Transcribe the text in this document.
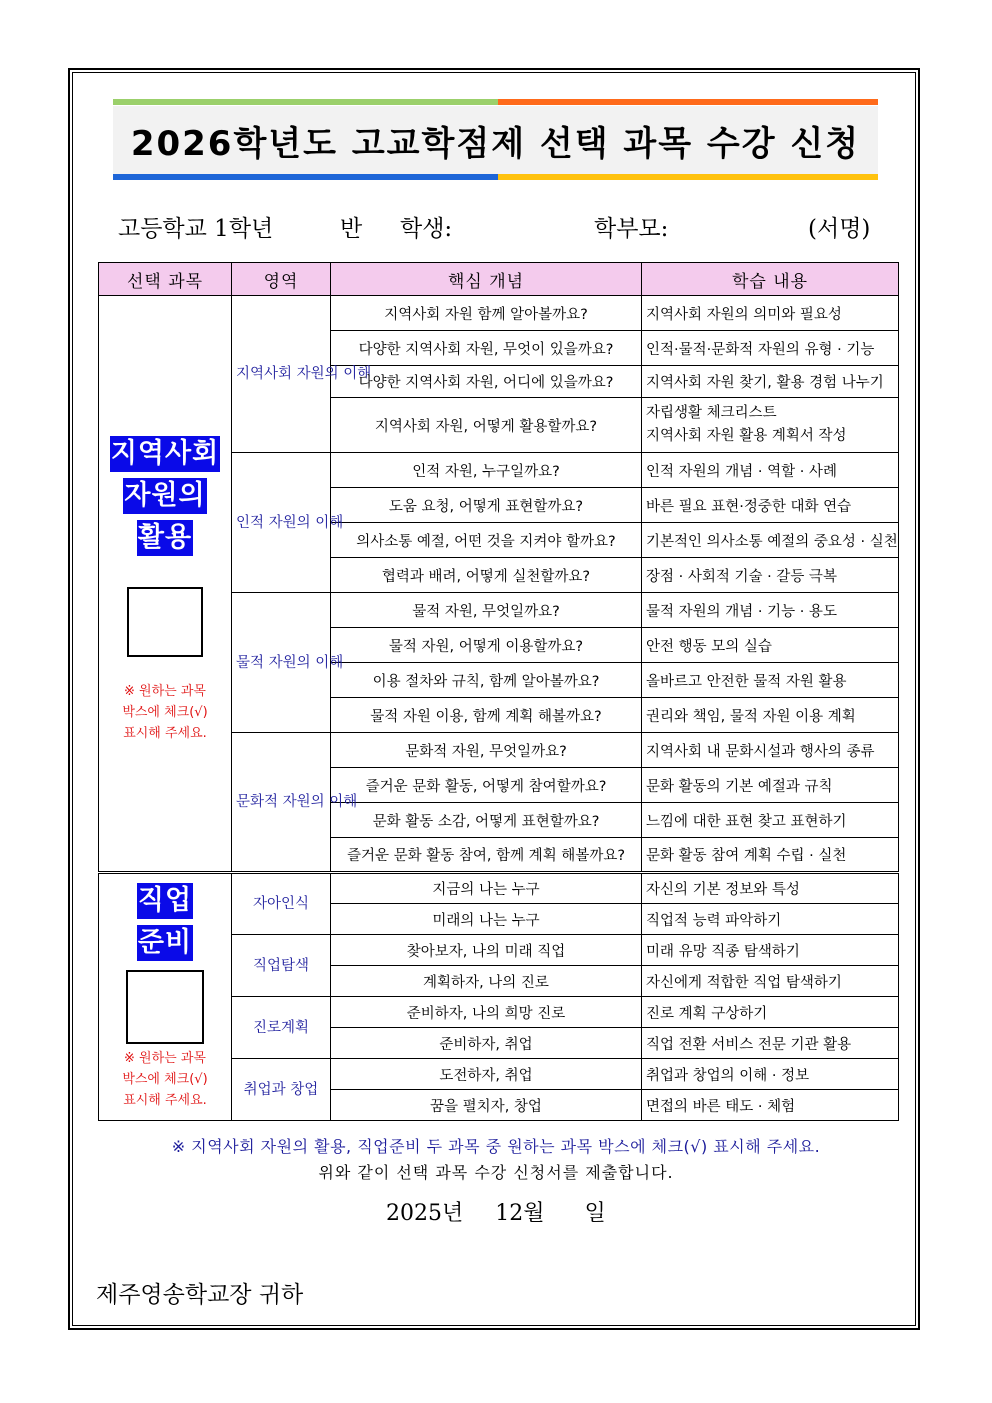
2026학년도 고교학점제 선택 과목 수강 신청
고등학교 1학년	반 학생:	학부모:	(서명)
선택 과목	영역	핵심 개념	학습 내용

지역사회
자원의
활용
※ 원하는 과목 박스에 체크(√) 표시해 주세요.	지역사회 자원의 이해	지역사회 자원 함께 알아볼까요?	지역사회 자원의 의미와 필요성
		다양한 지역사회 자원, 무엇이 있을까요?	인적·물적·문화적 자원의 유형 · 기능
		다양한 지역사회 자원, 어디에 있을까요?	지역사회 자원 찾기, 활용 경험 나누기
		지역사회 자원, 어떻게 활용할까요?	자립생활 체크리스트
지역사회 자원 활용 계획서 작성

	인적 자원의 이해	인적 자원, 누구일까요?	인적 자원의 개념 · 역할 · 사례
		도움 요청, 어떻게 표현할까요?	바른 필요 표현·정중한 대화 연습
		의사소통 예절, 어떤 것을 지켜야 할까요?	기본적인 의사소통 예절의 중요성 · 실천
		협력과 배려, 어떻게 실천할까요?	장점 · 사회적 기술 · 갈등 극복
	물적 자원의 이해	물적 자원, 무엇일까요?	물적 자원의 개념 · 기능 · 용도
		물적 자원, 어떻게 이용할까요?	안전 행동 모의 실습
		이용 절차와 규칙, 함께 알아볼까요?	올바르고 안전한 물적 자원 활용
		물적 자원 이용, 함께 계획 해볼까요?	권리와 책임, 물적 자원 이용 계획
	문화적 자원의 이해	문화적 자원, 무엇일까요?	지역사회 내 문화시설과 행사의 종류
		즐거운 문화 활동, 어떻게 참여할까요?	문화 활동의 기본 예절과 규칙
		문화 활동 소감, 어떻게 표현할까요?	느낌에 대한 표현 찾고 표현하기
		즐거운 문화 활동 참여, 함께 계획 해볼까요?	문화 활동 참여 계획 수립 · 실천

직업
준비
※ 원하는 과목 박스에 체크(√) 표시해 주세요.	자아인식	지금의 나는 누구	자신의 기본 정보와 특성
		미래의 나는 누구	직업적 능력 파악하기
	직업탐색	찾아보자, 나의 미래 직업	미래 유망 직종 탐색하기
		계획하자, 나의 진로	자신에게 적합한 직업 탐색하기
	진로계획	준비하자, 나의 희망 진로	진로 계획 구상하기
		준비하자, 취업	직업 전환 서비스 전문 기관 활용
	취업과 창업	도전하자, 취업	취업과 창업의 이해 · 정보
		꿈을 펼치자, 창업	면접의 바른 태도 · 체험
※ 지역사회 자원의 활용, 직업준비 두 과목 중 원하는 과목 박스에 체크(√) 표시해 주세요.
위와 같이 선택 과목 수강 신청서를 제출합니다.
2025년 12월 일
제주영송학교장 귀하
